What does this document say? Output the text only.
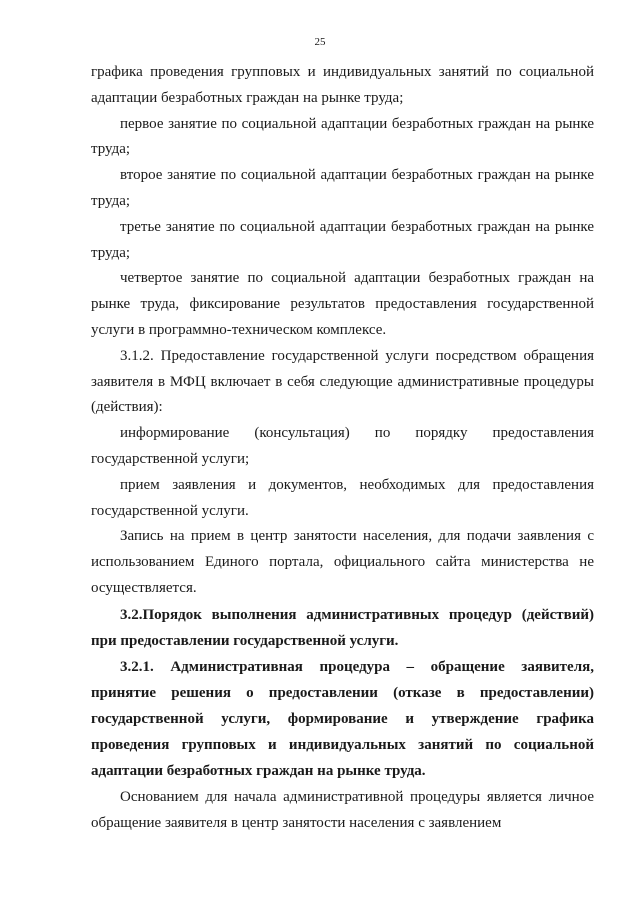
25

графика проведения групповых и индивидуальных занятий по социальной адаптации безработных граждан на рынке труда;

первое занятие по социальной адаптации безработных граждан на рынке труда;

второе занятие по социальной адаптации безработных граждан на рынке труда;

третье занятие по социальной адаптации безработных граждан на рынке труда;

четвертое занятие по социальной адаптации безработных граждан на рынке труда, фиксирование результатов предоставления государственной услуги в программно-техническом комплексе.

3.1.2. Предоставление государственной услуги посредством обращения заявителя в МФЦ включает в себя следующие административные процедуры (действия):

информирование (консультация) по порядку предоставления государственной услуги;

прием заявления и документов, необходимых для предоставления государственной услуги.

Запись на прием в центр занятости населения, для подачи заявления с использованием Единого портала, официального сайта министерства не осуществляется.

3.2.Порядок выполнения административных процедур (действий) при предоставлении государственной услуги.

3.2.1. Административная процедура – обращение заявителя, принятие решения о предоставлении (отказе в предоставлении) государственной услуги, формирование и утверждение графика проведения групповых и индивидуальных занятий по социальной адаптации безработных граждан на рынке труда.

Основанием для начала административной процедуры является личное обращение заявителя в центр занятости населения с заявлением
